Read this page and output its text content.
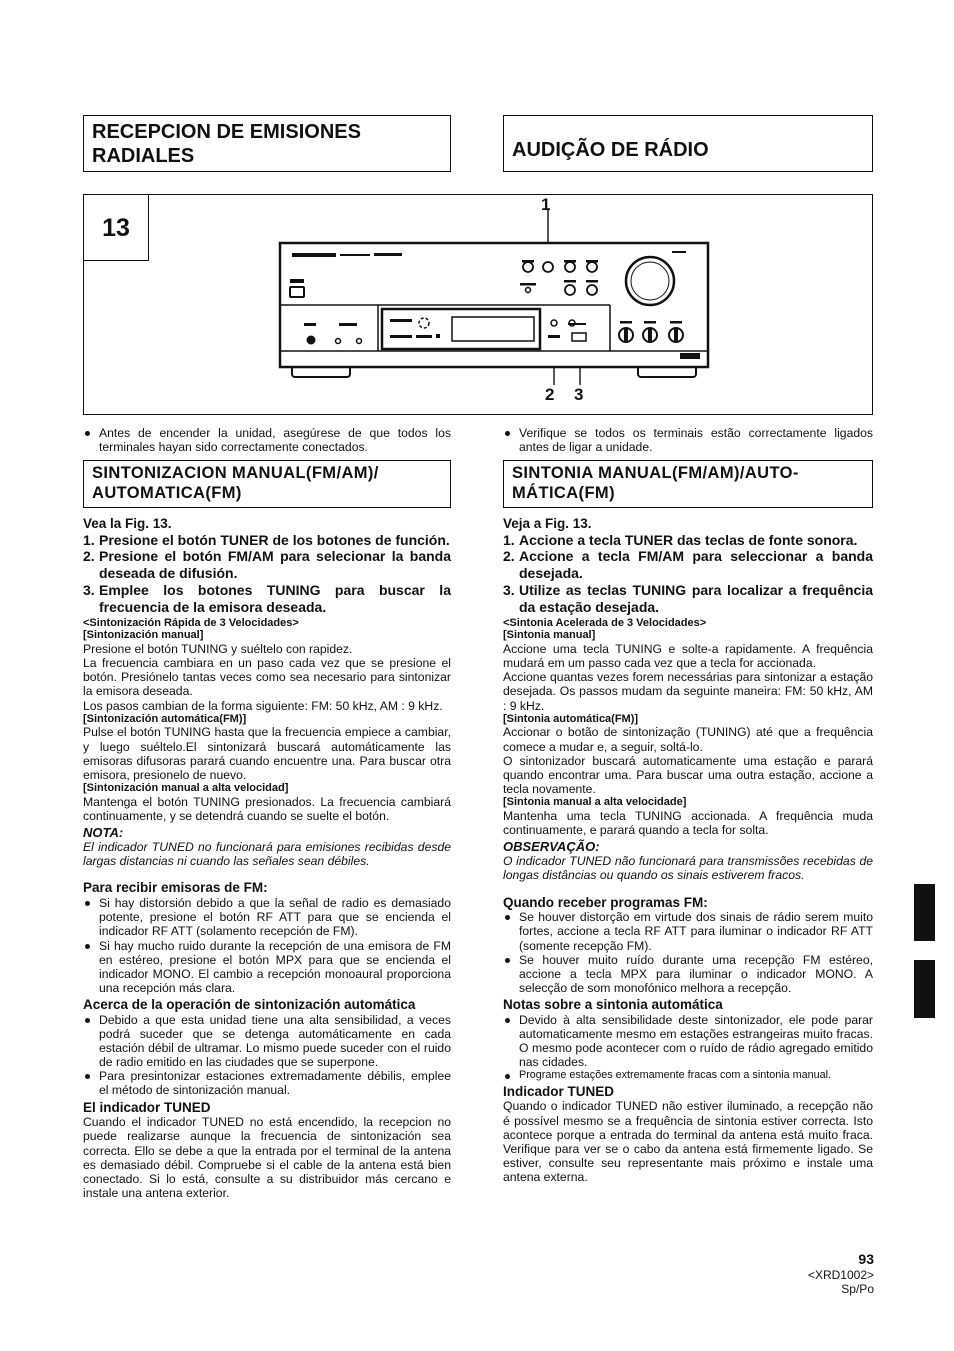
RECEPCION DE EMISIONES RADIALES	AUDIÇÃO DE RÁDIO
13
1
2 3
Antes de encender la unidad, asegúrese de que todos los terminales hayan sido correctamente conectados.
SINTONIZACION MANUAL(FM/AM)/ AUTOMATICA(FM)
Vea la Fig. 13.
1. Presione el botón TUNER de los botones de función.
2. Presione el botón FM/AM para selecionar la banda deseada de difusión.
3. Emplee los botones TUNING para buscar la frecuencia de la emisora deseada.
<Sintonización Rápida de 3 Velocidades>
[Sintonización manual]

Presione el botón TUNING y suéltelo con rapidez.

La frecuencia cambiara en un paso cada vez que se presione el botón. Presiónelo tantas veces como sea necesario para sintonizar la emisora deseada.

Los pasos cambian de la forma siguiente: FM: 50 kHz, AM : 9 kHz.

[Sintonización automática(FM)]

Pulse el botón TUNING hasta que la frecuencia empiece a cambiar, y luego suéltelo.El sintonizará buscará automáticamente las emisoras difusoras parará cuando encuentre una. Para buscar otra emisora, presionelo de nuevo.

[Sintonización manual a alta velocidad]

Mantenga el botón TUNING presionados. La frecuencia cambiará continuamente, y se detendrá cuando se suelte el botón.

NOTA:

El indicador TUNED no funcionará para emisiones recibidas desde largas distancias ni cuando las señales sean débiles.

Para recibir emisoras de FM:
Si hay distorsión debido a que la señal de radio es demasiado potente, presione el botón RF ATT para que se encienda el indicador RF ATT (solamento recepción de FM).
Si hay mucho ruido durante la recepción de una emisora de FM en estéreo, presione el botón MPX para que se encienda el indicador MONO. El cambio a recepción monoaural proporciona una recepción más clara.
Acerca de la operación de sintonización automática
Debido a que esta unidad tiene una alta sensibilidad, a veces podrá suceder que se detenga automáticamente en cada estación débil de ultramar. Lo mismo puede suceder con el ruido de radio emitido en las ciudades que se superpone.
Para presintonizar estaciones extremadamente débilis, emplee el método de sintonización manual.
El indicador TUNED

Cuando el indicador TUNED no está encendido, la recepcion no puede realizarse aunque la frecuencia de sintonización sea correcta. Ello se debe a que la entrada por el terminal de la antena es demasiado débil. Compruebe si el cable de la antena está bien conectado. Si lo está, consulte a su distribuidor más cercano e instale una antena exterior.

Verifique se todos os terminais estão correctamente ligados antes de ligar a unidade.
SINTONIA MANUAL(FM/AM)/AUTO-MÁTICA(FM)
Veja a Fig. 13.
1. Accione a tecla TUNER das teclas de fonte sonora.
2. Accione a tecla FM/AM para seleccionar a banda desejada.
3. Utilize as teclas TUNING para localizar a frequência da estação desejada.
<Sintonia Acelerada de 3 Velocidades>
[Sintonia manual]

Accione uma tecla TUNING e solte-a rapidamente. A frequência mudará em um passo cada vez que a tecla for accionada.

Accione quantas vezes forem necessárias para sintonizar a estação desejada. Os passos mudam da seguinte maneira: FM: 50 kHz, AM : 9 kHz.

[Sintonia automática(FM)]

Accionar o botão de sintonização (TUNING) até que a frequência comece a mudar e, a seguir, soltá-lo.

O sintonizador buscará automaticamente uma estação e parará quando encontrar uma. Para buscar uma outra estação, accione a tecla novamente.

[Sintonia manual a alta velocidade]

Mantenha uma tecla TUNING accionada. A frequência muda continuamente, e parará quando a tecla for solta.

OBSERVAÇÃO:

O indicador TUNED não funcionará para transmissões recebidas de longas distâncias ou quando os sinais estiverem fracos.

Quando receber programas FM:
Se houver distorção em virtude dos sinais de rádio serem muito fortes, accione a tecla RF ATT para iluminar o indicador RF ATT (somente recepção FM).
Se houver muito ruído durante uma recepção FM estéreo, accione a tecla MPX para iluminar o indicador MONO. A selecção de som monofónico melhora a recepção.
Notas sobre a sintonia automática
Devido à alta sensibilidade deste sintonizador, ele pode parar automaticamente mesmo em estações estrangeiras muito fracas. O mesmo pode acontecer com o ruído de rádio agregado emitido nas cidades.
Programe estações extremamente fracas com a sintonia manual.
Indicador TUNED

Quando o indicador TUNED não estiver iluminado, a recepção não é possível mesmo se a frequência de sintonia estiver correcta. Isto acontece porque a entrada do terminal da antena está muito fraca. Verifique para ver se o cabo da antena está firmemente ligado. Se estiver, consulte seu representante mais próximo e instale uma antena externa.

93
<XRD1002>
Sp/Po
